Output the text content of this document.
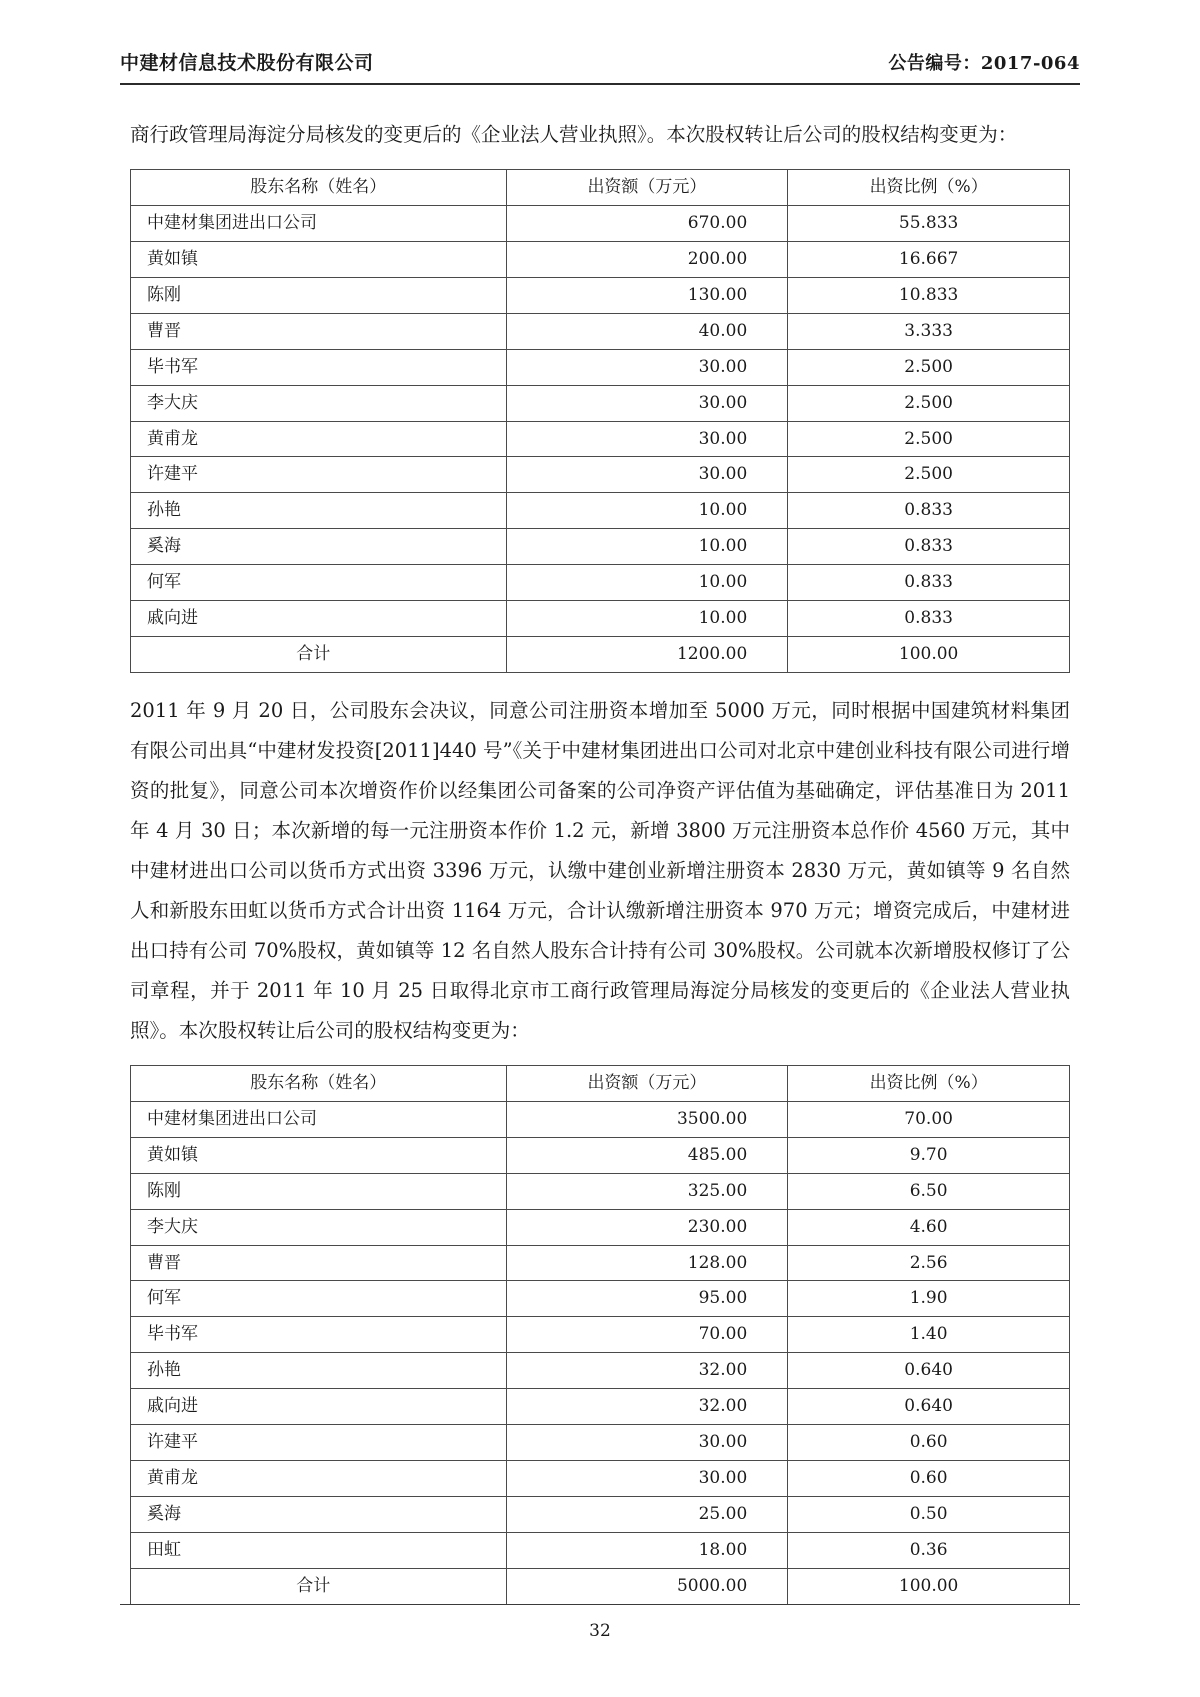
中建材信息技术股份有限公司	公告编号：2017-064

商行政管理局海淀分局核发的变更后的《企业法人营业执照》。本次股权转让后公司的股权结构变更为：

股东名称（姓名）	出资额（万元）	出资比例（%）
中建材集团进出口公司	670.00	55.833
黄如镇	200.00	16.667
陈刚	130.00	10.833
曹晋	40.00	3.333
毕书军	30.00	2.500
李大庆	30.00	2.500
黄甫龙	30.00	2.500
许建平	30.00	2.500
孙艳	10.00	0.833
奚海	10.00	0.833
何军	10.00	0.833
戚向进	10.00	0.833
合计	1200.00	100.00

2011 年 9 月 20 日，公司股东会决议，同意公司注册资本增加至 5000 万元，同时根据中国建筑材料集团有限公司出具“中建材发投资[2011]440 号”《关于中建材集团进出口公司对北京中建创业科技有限公司进行增资的批复》，同意公司本次增资作价以经集团公司备案的公司净资产评估值为基础确定，评估基准日为 2011 年 4 月 30 日；本次新增的每一元注册资本作价 1.2 元，新增 3800 万元注册资本总作价 4560 万元，其中中建材进出口公司以货币方式出资 3396 万元，认缴中建创业新增注册资本 2830 万元，黄如镇等 9 名自然人和新股东田虹以货币方式合计出资 1164 万元，合计认缴新增注册资本 970 万元；增资完成后，中建材进出口持有公司 70%股权，黄如镇等 12 名自然人股东合计持有公司 30%股权。公司就本次新增股权修订了公司章程，并于 2011 年 10 月 25 日取得北京市工商行政管理局海淀分局核发的变更后的《企业法人营业执照》。本次股权转让后公司的股权结构变更为：

股东名称（姓名）	出资额（万元）	出资比例（%）
中建材集团进出口公司	3500.00	70.00
黄如镇	485.00	9.70
陈刚	325.00	6.50
李大庆	230.00	4.60
曹晋	128.00	2.56
何军	95.00	1.90
毕书军	70.00	1.40
孙艳	32.00	0.640
戚向进	32.00	0.640
许建平	30.00	0.60
黄甫龙	30.00	0.60
奚海	25.00	0.50
田虹	18.00	0.36
合计	5000.00	100.00
32
